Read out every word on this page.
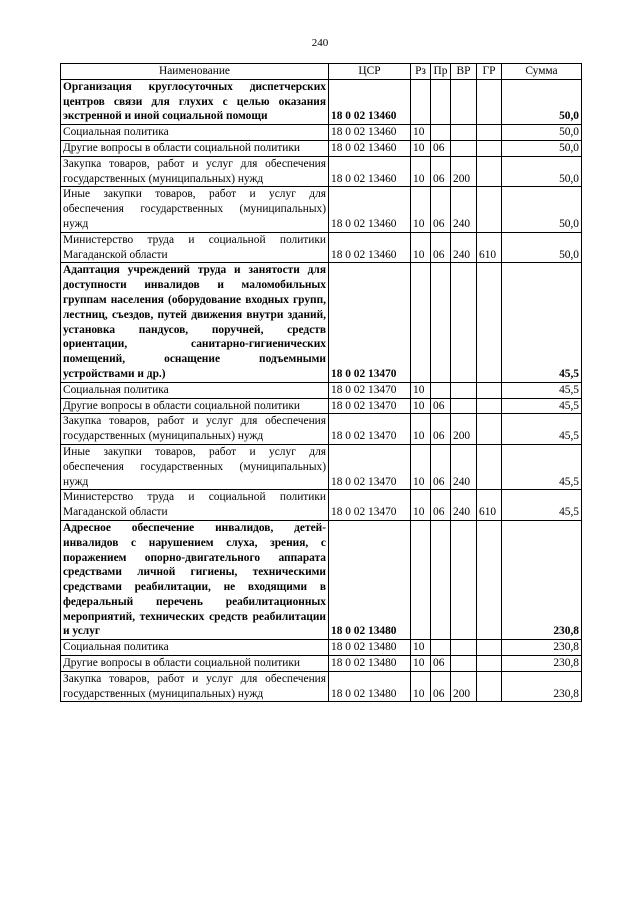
240
Наименование	ЦСР	Рз	Пр	ВР	ГР	Сумма
Организация круглосуточных диспетчерских центров связи для глухих с целью оказания экстренной и иной социальной помощи	18 0 02 13460					50,0
Социальная политика	18 0 02 13460	10				50,0
Другие вопросы в области социальной политики	18 0 02 13460	10	06			50,0
Закупка товаров, работ и услуг для обеспечения государственных (муниципальных) нужд	18 0 02 13460	10	06	200		50,0
Иные закупки товаров, работ и услуг для обеспечения государственных (муниципальных) нужд	18 0 02 13460	10	06	240		50,0
Министерство труда и социальной политики Магаданской области	18 0 02 13460	10	06	240	610	50,0
Адаптация учреждений труда и занятости для доступности инвалидов и маломобильных группам населения (оборудование входных групп, лестниц, съездов, путей движения внутри зданий, установка пандусов, поручней, средств ориентации, санитарно-гигиенических помещений, оснащение подъемными устройствами и др.)	18 0 02 13470					45,5
Социальная политика	18 0 02 13470	10				45,5
Другие вопросы в области социальной политики	18 0 02 13470	10	06			45,5
Закупка товаров, работ и услуг для обеспечения государственных (муниципальных) нужд	18 0 02 13470	10	06	200		45,5
Иные закупки товаров, работ и услуг для обеспечения государственных (муниципальных) нужд	18 0 02 13470	10	06	240		45,5
Министерство труда и социальной политики Магаданской области	18 0 02 13470	10	06	240	610	45,5
Адресное обеспечение инвалидов, детей-инвалидов с нарушением слуха, зрения, с поражением опорно-двигательного аппарата средствами личной гигиены, техническими средствами реабилитации, не входящими в федеральный перечень реабилитационных мероприятий, технических средств реабилитации и услуг	18 0 02 13480					230,8
Социальная политика	18 0 02 13480	10				230,8
Другие вопросы в области социальной политики	18 0 02 13480	10	06			230,8
Закупка товаров, работ и услуг для обеспечения государственных (муниципальных) нужд	18 0 02 13480	10	06	200		230,8
